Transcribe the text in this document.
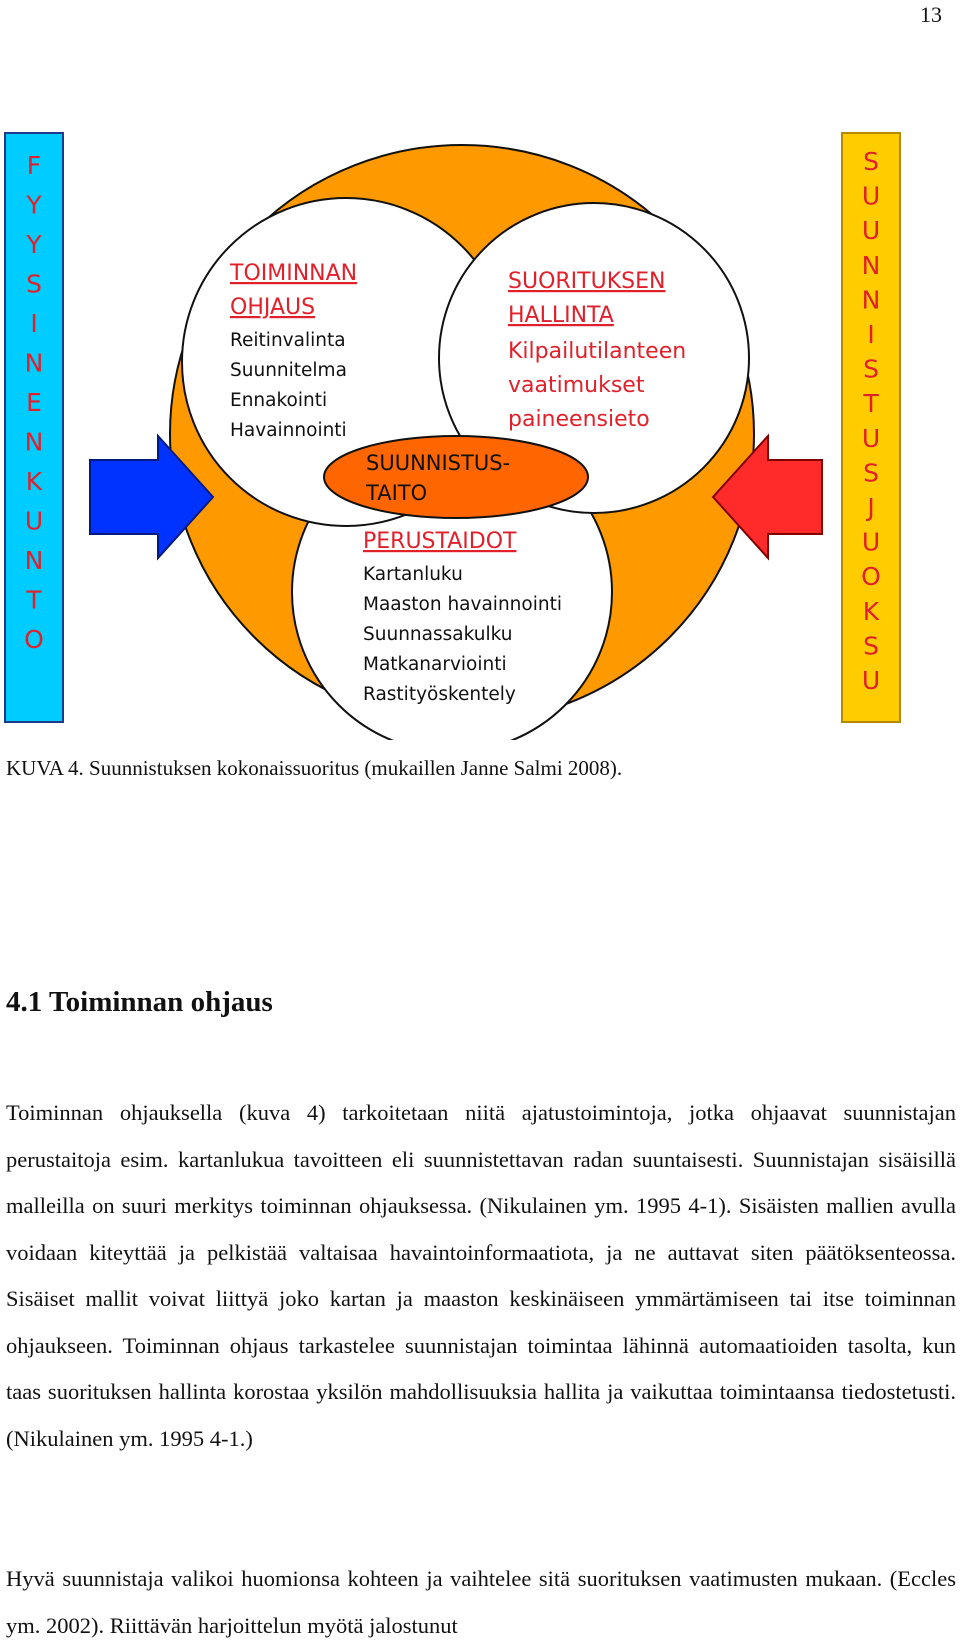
13
F
Y
Y
S
I
N
E
N
K
U
N
T
O
S
U
U
N
N
I
S
T
U
S
J
U
O
K
S
U
TOIMINNAN
OHJAUS
Reitinvalinta
Suunnitelma
Ennakointi
Havainnointi
SUORITUKSEN
HALLINTA
Kilpailutilanteen
vaatimukset
paineensieto
SUUNNISTUS-
TAITO
PERUSTAIDOT
Kartanluku
Maaston havainnointi
Suunnassakulku
Matkanarviointi
Rastityöskentely
KUVA 4. Suunnistuksen kokonaissuoritus (mukaillen Janne Salmi 2008).
4.1 Toiminnan ohjaus

Toiminnan ohjauksella (kuva 4) tarkoitetaan niitä ajatustoimintoja, jotka ohjaavat suunnistajan perustaitoja esim. kartanlukua tavoitteen eli suunnistettavan radan suuntaisesti. Suunnistajan sisäisillä malleilla on suuri merkitys toiminnan ohjauksessa. (Nikulainen ym. 1995 4-1). Sisäisten mallien avulla voidaan kiteyttää ja pelkistää valtaisaa havaintoinformaatiota, ja ne auttavat siten päätöksenteossa. Sisäiset mallit voivat liittyä joko kartan ja maaston keskinäiseen ymmärtämiseen tai itse toiminnan ohjaukseen. Toiminnan ohjaus tarkastelee suunnistajan toimintaa lähinnä automaatioiden tasolta, kun taas suorituksen hallinta korostaa yksilön mahdollisuuksia hallita ja vaikuttaa toimintaansa tiedostetusti. (Nikulainen ym. 1995 4-1.)

Hyvä suunnistaja valikoi huomionsa kohteen ja vaihtelee sitä suorituksen vaatimusten mukaan. (Eccles ym. 2002). Riittävän harjoittelun myötä jalostunut
